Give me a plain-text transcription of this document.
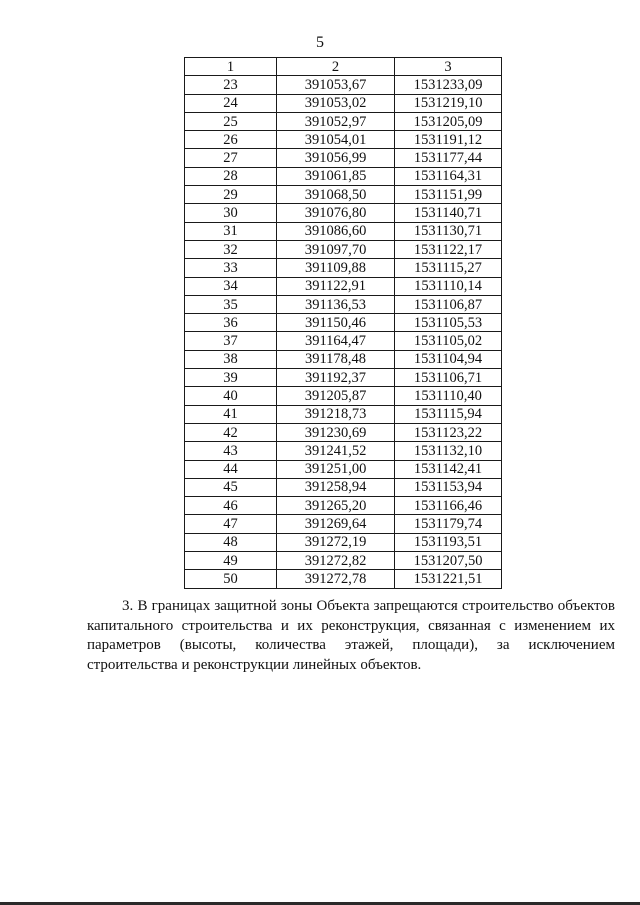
5
1	2	3
23	391053,67	1531233,09
24	391053,02	1531219,10
25	391052,97	1531205,09
26	391054,01	1531191,12
27	391056,99	1531177,44
28	391061,85	1531164,31
29	391068,50	1531151,99
30	391076,80	1531140,71
31	391086,60	1531130,71
32	391097,70	1531122,17
33	391109,88	1531115,27
34	391122,91	1531110,14
35	391136,53	1531106,87
36	391150,46	1531105,53
37	391164,47	1531105,02
38	391178,48	1531104,94
39	391192,37	1531106,71
40	391205,87	1531110,40
41	391218,73	1531115,94
42	391230,69	1531123,22
43	391241,52	1531132,10
44	391251,00	1531142,41
45	391258,94	1531153,94
46	391265,20	1531166,46
47	391269,64	1531179,74
48	391272,19	1531193,51
49	391272,82	1531207,50
50	391272,78	1531221,51
3. В границах защитной зоны Объекта запрещаются строительство объектов капитального строительства и их реконструкция, связанная с изменением их параметров (высоты, количества этажей, площади), за исключением строительства и реконструкции линейных объектов.
